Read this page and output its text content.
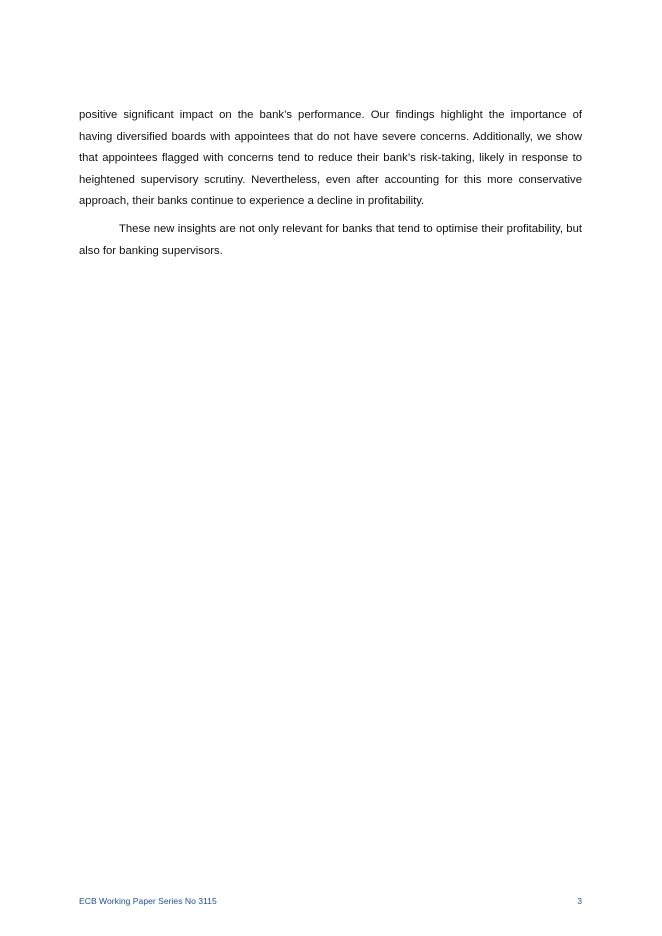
positive significant impact on the bank’s performance. Our findings highlight the importance of having diversified boards with appointees that do not have severe concerns. Additionally, we show that appointees flagged with concerns tend to reduce their bank’s risk-taking, likely in response to heightened supervisory scrutiny. Nevertheless, even after accounting for this more conservative approach, their banks continue to experience a decline in profitability.

These new insights are not only relevant for banks that tend to optimise their profitability, but also for banking supervisors.

ECB Working Paper Series No 3115	3
